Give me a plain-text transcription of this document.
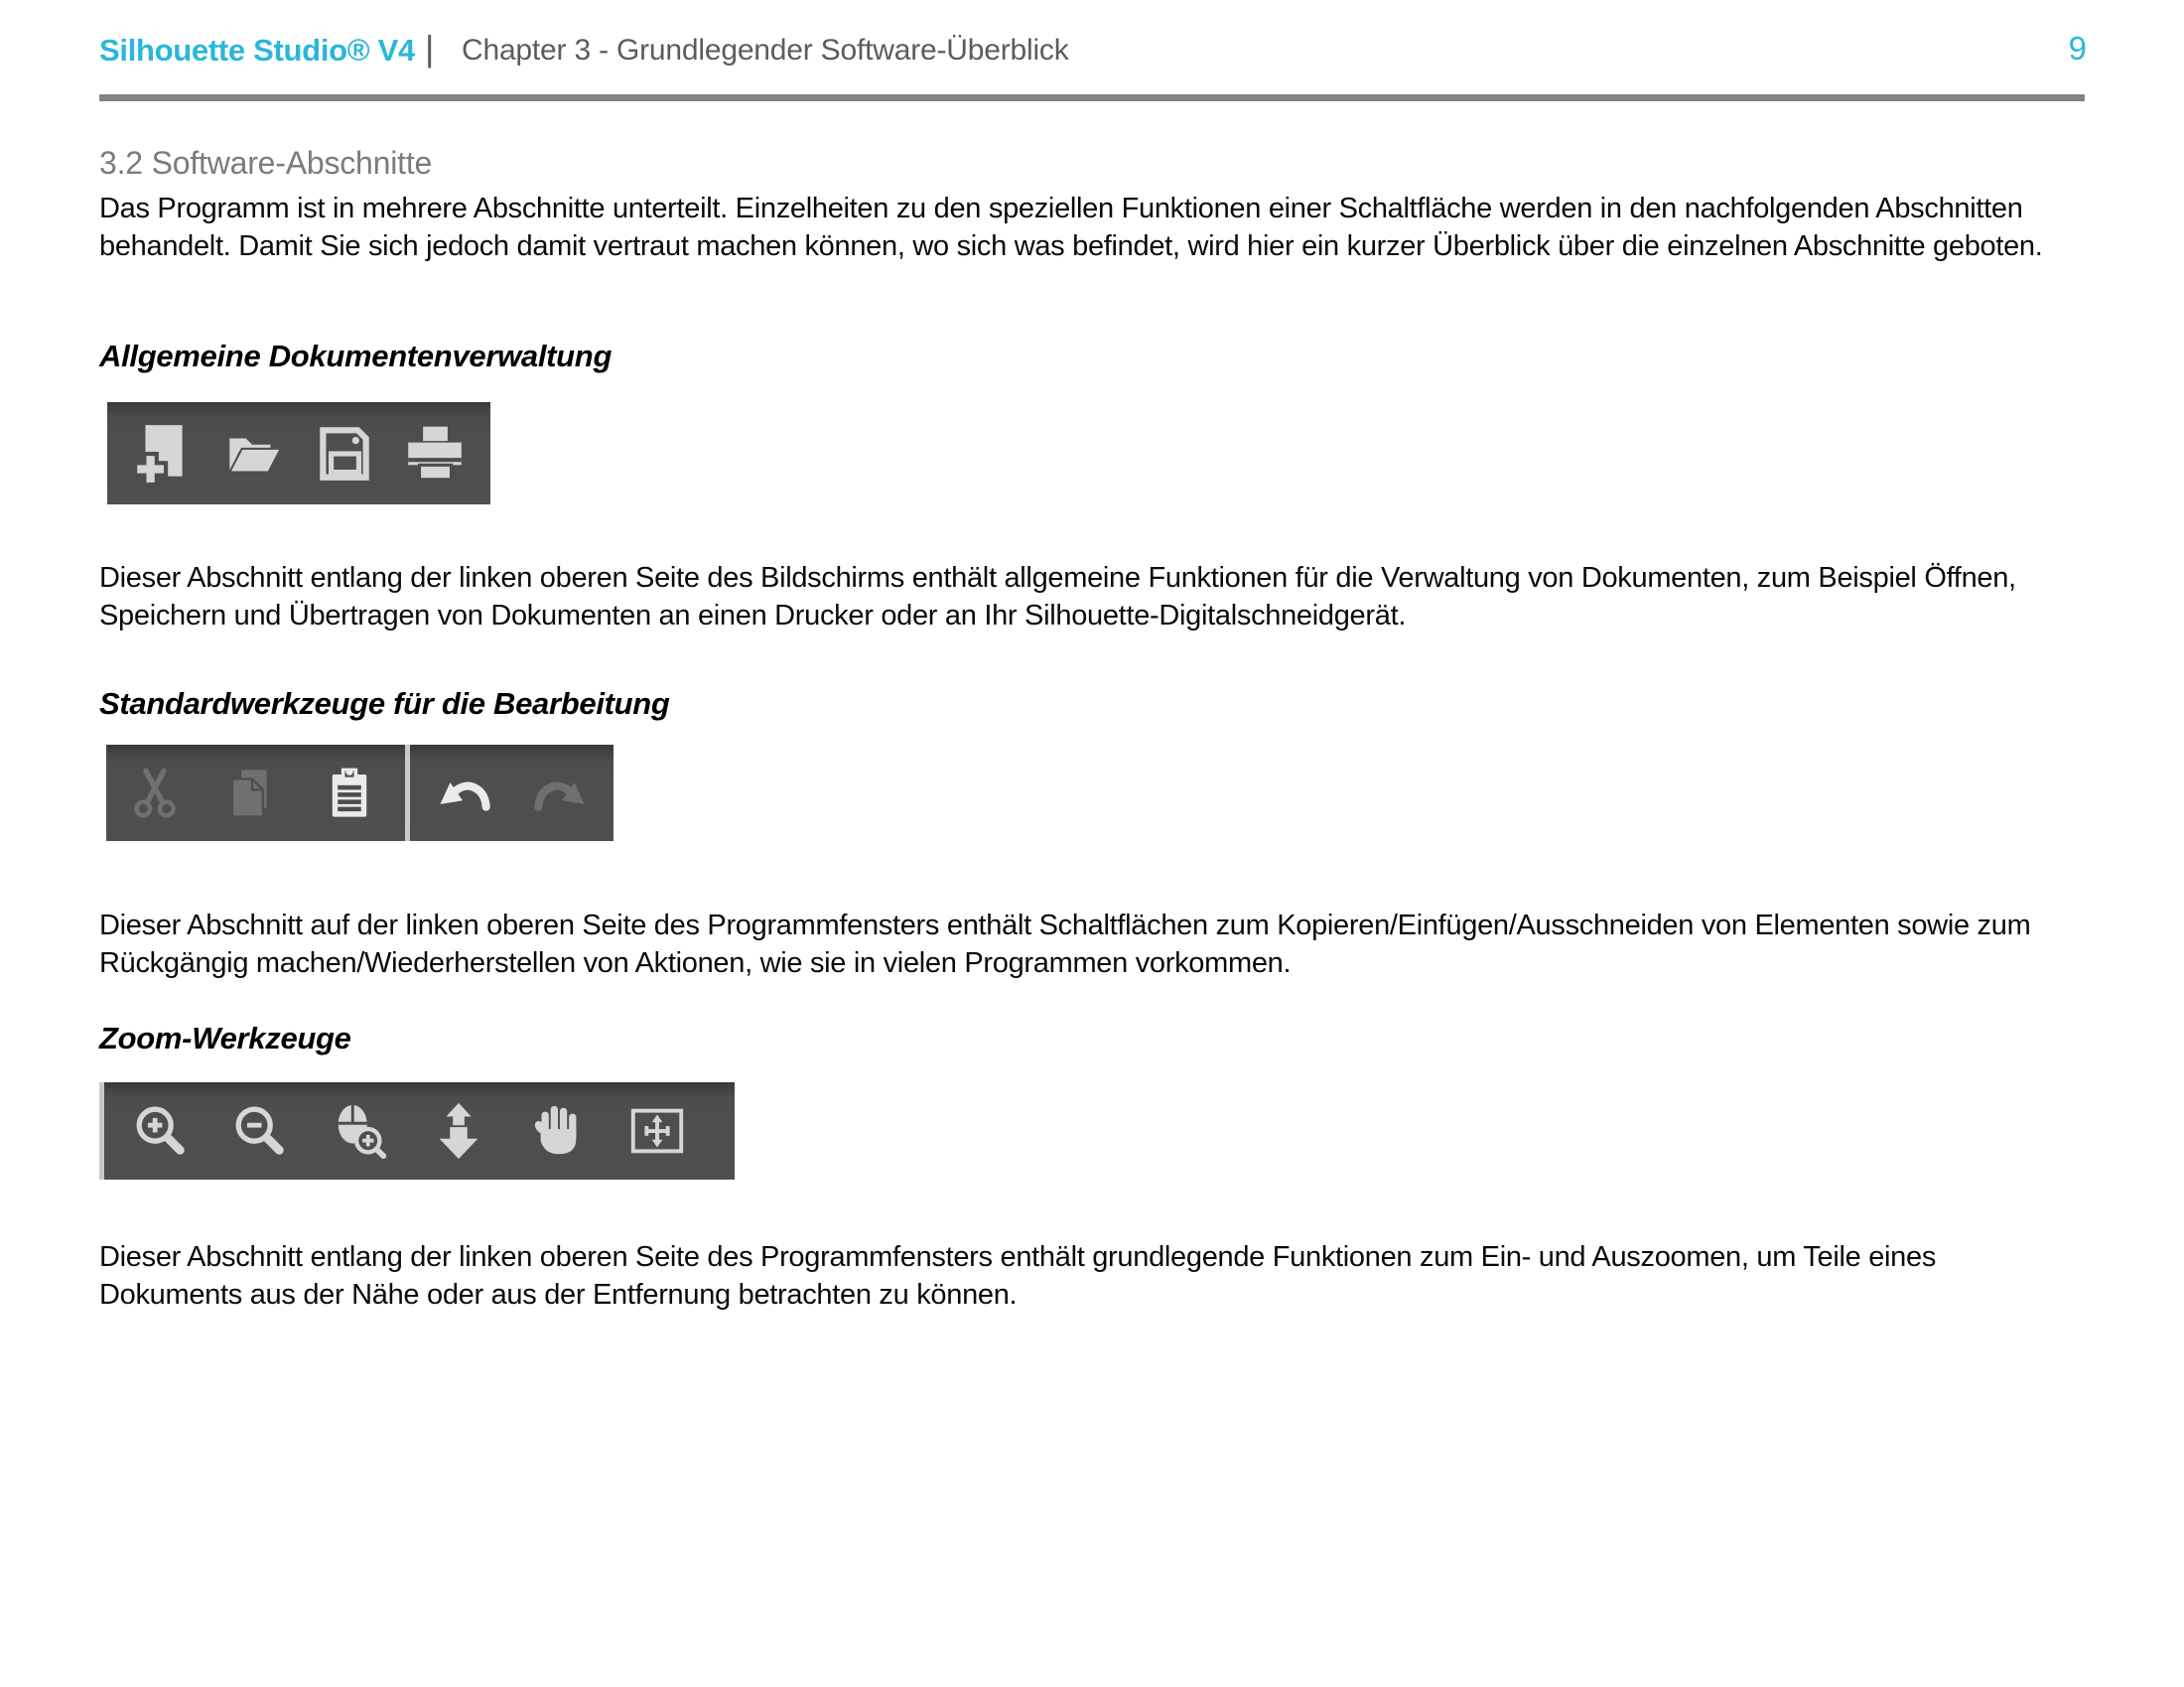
Silhouette Studio® V4 | Chapter 3 - Grundlegender Software-Überblick	9
3.2 Software-Abschnitte
Das Programm ist in mehrere Abschnitte unterteilt. Einzelheiten zu den speziellen Funktionen einer Schaltfläche werden in den nachfolgenden Abschnitten behandelt. Damit Sie sich jedoch damit vertraut machen können, wo sich was befindet, wird hier ein kurzer Überblick über die einzelnen Abschnitte geboten.
Allgemeine Dokumentenverwaltung
Dieser Abschnitt entlang der linken oberen Seite des Bildschirms enthält allgemeine Funktionen für die Verwaltung von Dokumenten, zum Beispiel Öffnen, Speichern und Übertragen von Dokumenten an einen Drucker oder an Ihr Silhouette-Digitalschneidgerät.
Standardwerkzeuge für die Bearbeitung
Dieser Abschnitt auf der linken oberen Seite des Programmfensters enthält Schaltflächen zum Kopieren/Einfügen/Ausschneiden von Elementen sowie zum Rückgängig machen/Wiederherstellen von Aktionen, wie sie in vielen Programmen vorkommen.
Zoom-Werkzeuge
Dieser Abschnitt entlang der linken oberen Seite des Programmfensters enthält grundlegende Funktionen zum Ein- und Auszoomen, um Teile eines Dokuments aus der Nähe oder aus der Entfernung betrachten zu können.
